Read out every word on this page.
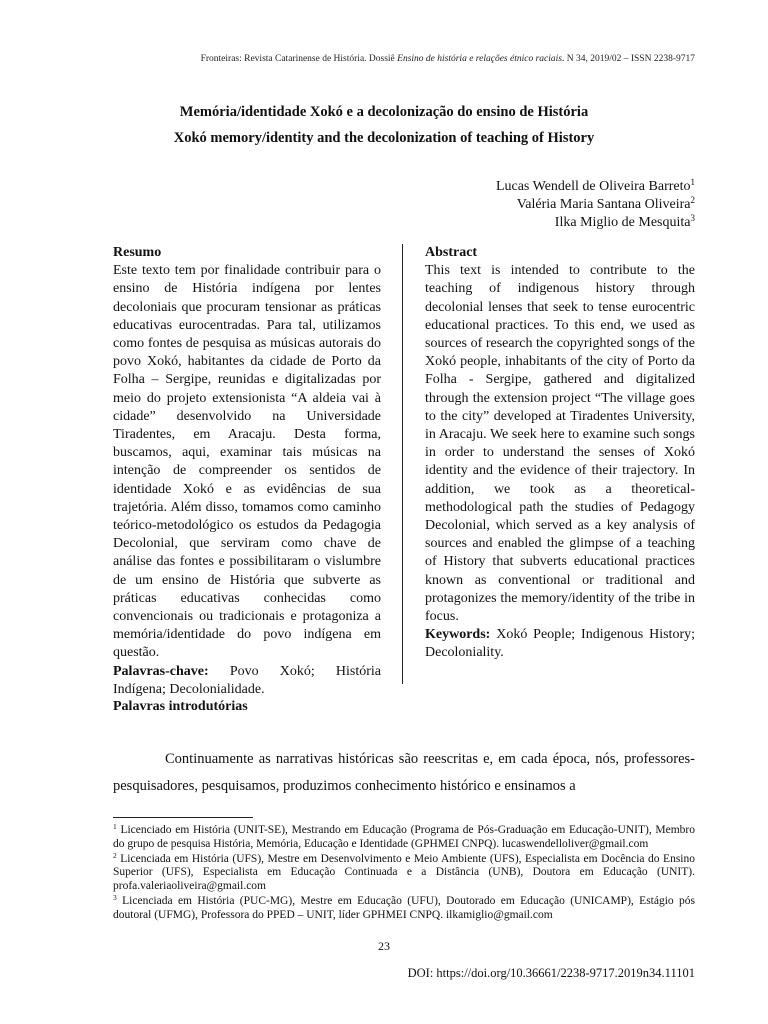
Fronteiras: Revista Catarinense de História. Dossiê Ensino de história e relações étnico raciais. N 34, 2019/02 – ISSN 2238-9717
Memória/identidade Xokó e a decolonização do ensino de História
Xokó memory/identity and the decolonization of teaching of History
Lucas Wendell de Oliveira Barreto$^1$
Valéria Maria Santana Oliveira$^2$
Ilka Miglio de Mesquita$^3$
Resumo

Este texto tem por finalidade contribuir para o ensino de História indígena por lentes decoloniais que procuram tensionar as práticas educativas eurocentradas. Para tal, utilizamos como fontes de pesquisa as músicas autorais do povo Xokó, habitantes da cidade de Porto da Folha – Sergipe, reunidas e digitalizadas por meio do projeto extensionista “A aldeia vai à cidade” desenvolvido na Universidade Tiradentes, em Aracaju. Desta forma, buscamos, aqui, examinar tais músicas na intenção de compreender os sentidos de identidade Xokó e as evidências de sua trajetória. Além disso, tomamos como caminho teórico-metodológico os estudos da Pedagogia Decolonial, que serviram como chave de análise das fontes e possibilitaram o vislumbre de um ensino de História que subverte as práticas educativas conhecidas como convencionais ou tradicionais e protagoniza a memória/identidade do povo indígena em questão.

Palavras-chave: Povo Xokó; História Indígena; Decolonialidade.

Abstract

This text is intended to contribute to the teaching of indigenous history through decolonial lenses that seek to tense eurocentric educational practices. To this end, we used as sources of research the copyrighted songs of the Xokó people, inhabitants of the city of Porto da Folha - Sergipe, gathered and digitalized through the extension project “The village goes to the city” developed at Tiradentes University, in Aracaju. We seek here to examine such songs in order to understand the senses of Xokó identity and the evidence of their trajectory. In addition, we took as a theoretical-methodological path the studies of Pedagogy Decolonial, which served as a key analysis of sources and enabled the glimpse of a teaching of History that subverts educational practices known as conventional or traditional and protagonizes the memory/identity of the tribe in focus.

Keywords: Xokó People; Indigenous History; Decoloniality.

Palavras introdutórias

Continuamente as narrativas históricas são reescritas e, em cada época, nós, professores-pesquisadores, pesquisamos, produzimos conhecimento histórico e ensinamos a

$^1$ Licenciado em História (UNIT-SE), Mestrando em Educação (Programa de Pós-Graduação em Educação-UNIT), Membro do grupo de pesquisa História, Memória, Educação e Identidade (GPHMEI CNPQ). lucaswendelloliver@gmail.com

$^2$ Licenciada em História (UFS), Mestre em Desenvolvimento e Meio Ambiente (UFS), Especialista em Docência do Ensino Superior (UFS), Especialista em Educação Continuada e a Distância (UNB), Doutora em Educação (UNIT). profa.valeriaoliveira@gmail.com

$^3$ Licenciada em História (PUC-MG), Mestre em Educação (UFU), Doutorado em Educação (UNICAMP), Estágio pós doutoral (UFMG), Professora do PPED – UNIT, líder GPHMEI CNPQ. ilkamiglio@gmail.com

23
DOI: https://doi.org/10.36661/2238-9717.2019n34.11101
